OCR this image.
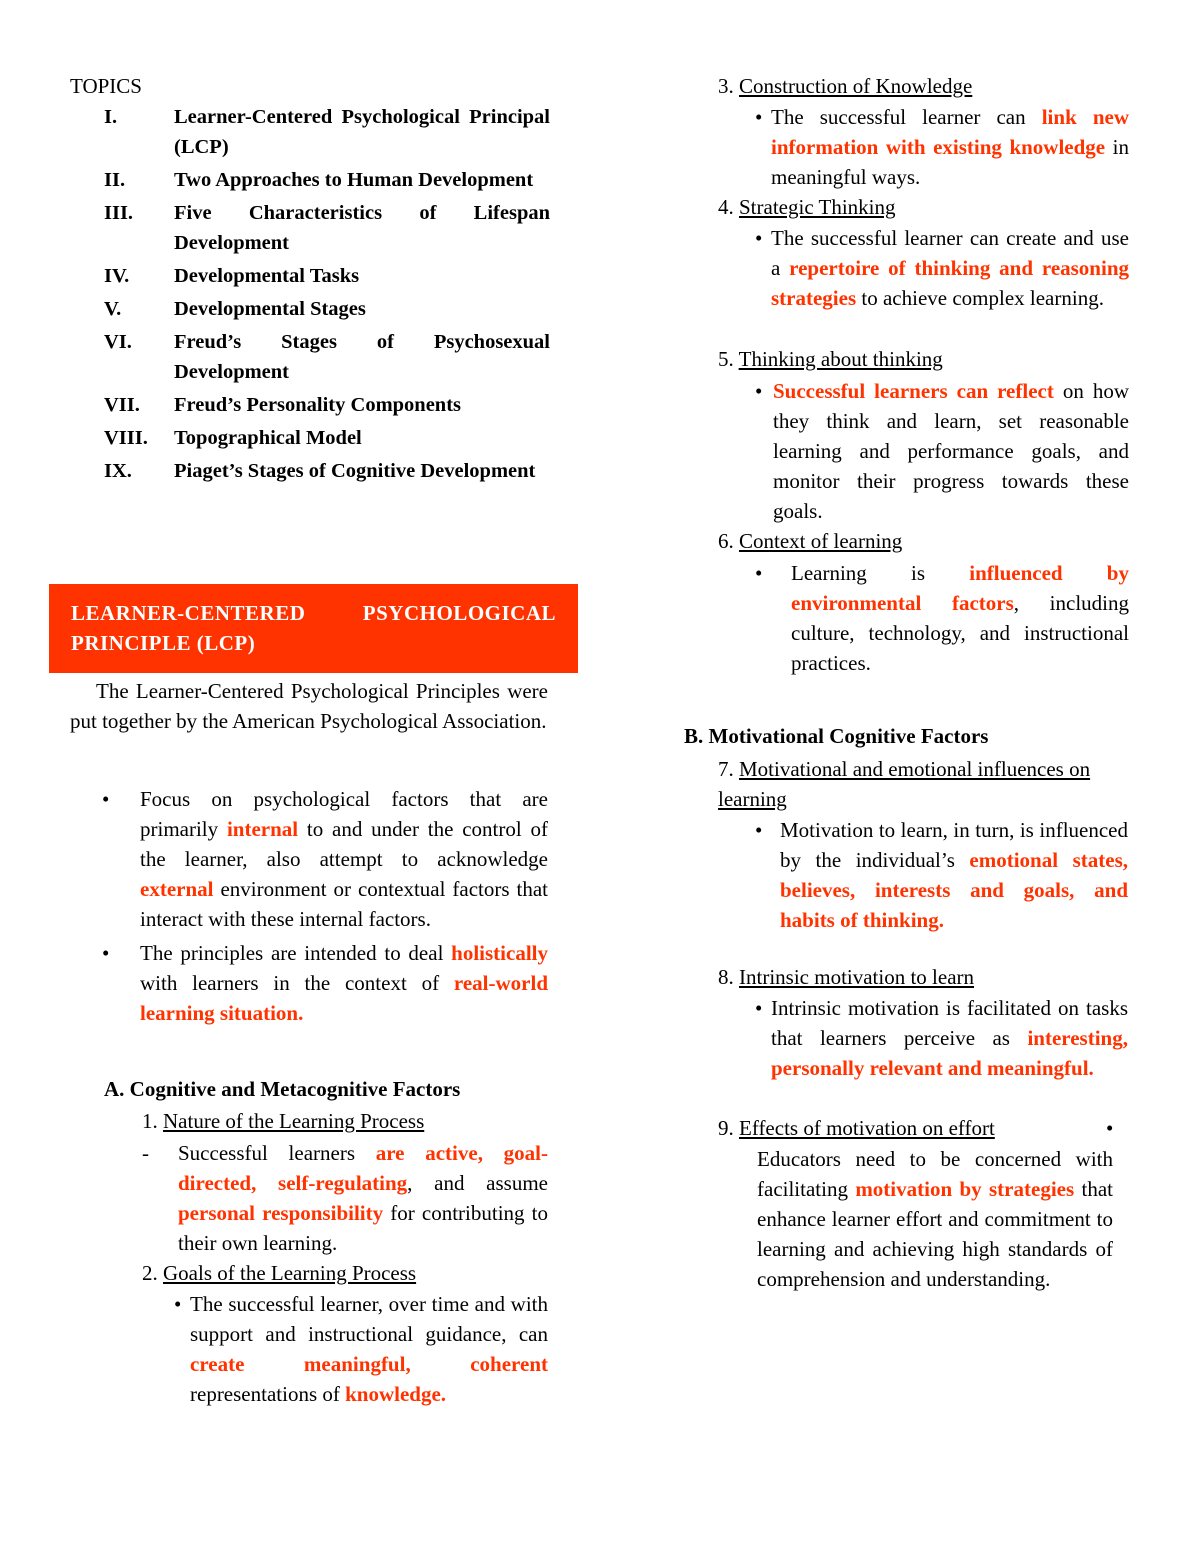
TOPICS
I.	Learner-Centered Psychological Principal (LCP)
II.	Two Approaches to Human Development
III.	Five Characteristics of Lifespan Development
IV.	Developmental Tasks
V.	Developmental Stages
VI.	Freud’s Stages of Psychosexual Development
VII.	Freud’s Personality Components
VIII.	Topographical Model
IX.	Piaget’s Stages of Cognitive Development
LEARNER-CENTERED PSYCHOLOGICAL
PRINCIPLE (LCP)
The Learner-Centered Psychological Principles were put together by the American Psychological Association.
• Focus on psychological factors that are primarily internal to and under the control of the learner, also attempt to acknowledge external environment or contextual factors that interact with these internal factors.
• The principles are intended to deal holistically with learners in the context of real-world learning situation.
A. Cognitive and Metacognitive Factors
1. Nature of the Learning Process
- Successful learners are active, goal-directed, self-regulating, and assume personal responsibility for contributing to their own learning.
2. Goals of the Learning Process
• The successful learner, over time and with support and instructional guidance, can create meaningful, coherent representations of knowledge.
3. Construction of Knowledge
• The successful learner can link new information with existing knowledge in meaningful ways.
4. Strategic Thinking
• The successful learner can create and use a repertoire of thinking and reasoning strategies to achieve complex learning.
5. Thinking about thinking
• Successful learners can reflect on how they think and learn, set reasonable learning and performance goals, and monitor their progress towards these goals.
6. Context of learning
• Learning is influenced by environmental factors, including culture, technology, and instructional practices.
B. Motivational Cognitive Factors
7. Motivational and emotional influences on learning
• Motivation to learn, in turn, is influenced by the individual’s emotional states, believes, interests and goals, and habits of thinking.
8. Intrinsic motivation to learn
• Intrinsic motivation is facilitated on tasks that learners perceive as interesting, personally relevant and meaningful.
9. Effects of motivation on effort	•
Educators need to be concerned with facilitating motivation by strategies that enhance learner effort and commitment to learning and achieving high standards of comprehension and understanding.
